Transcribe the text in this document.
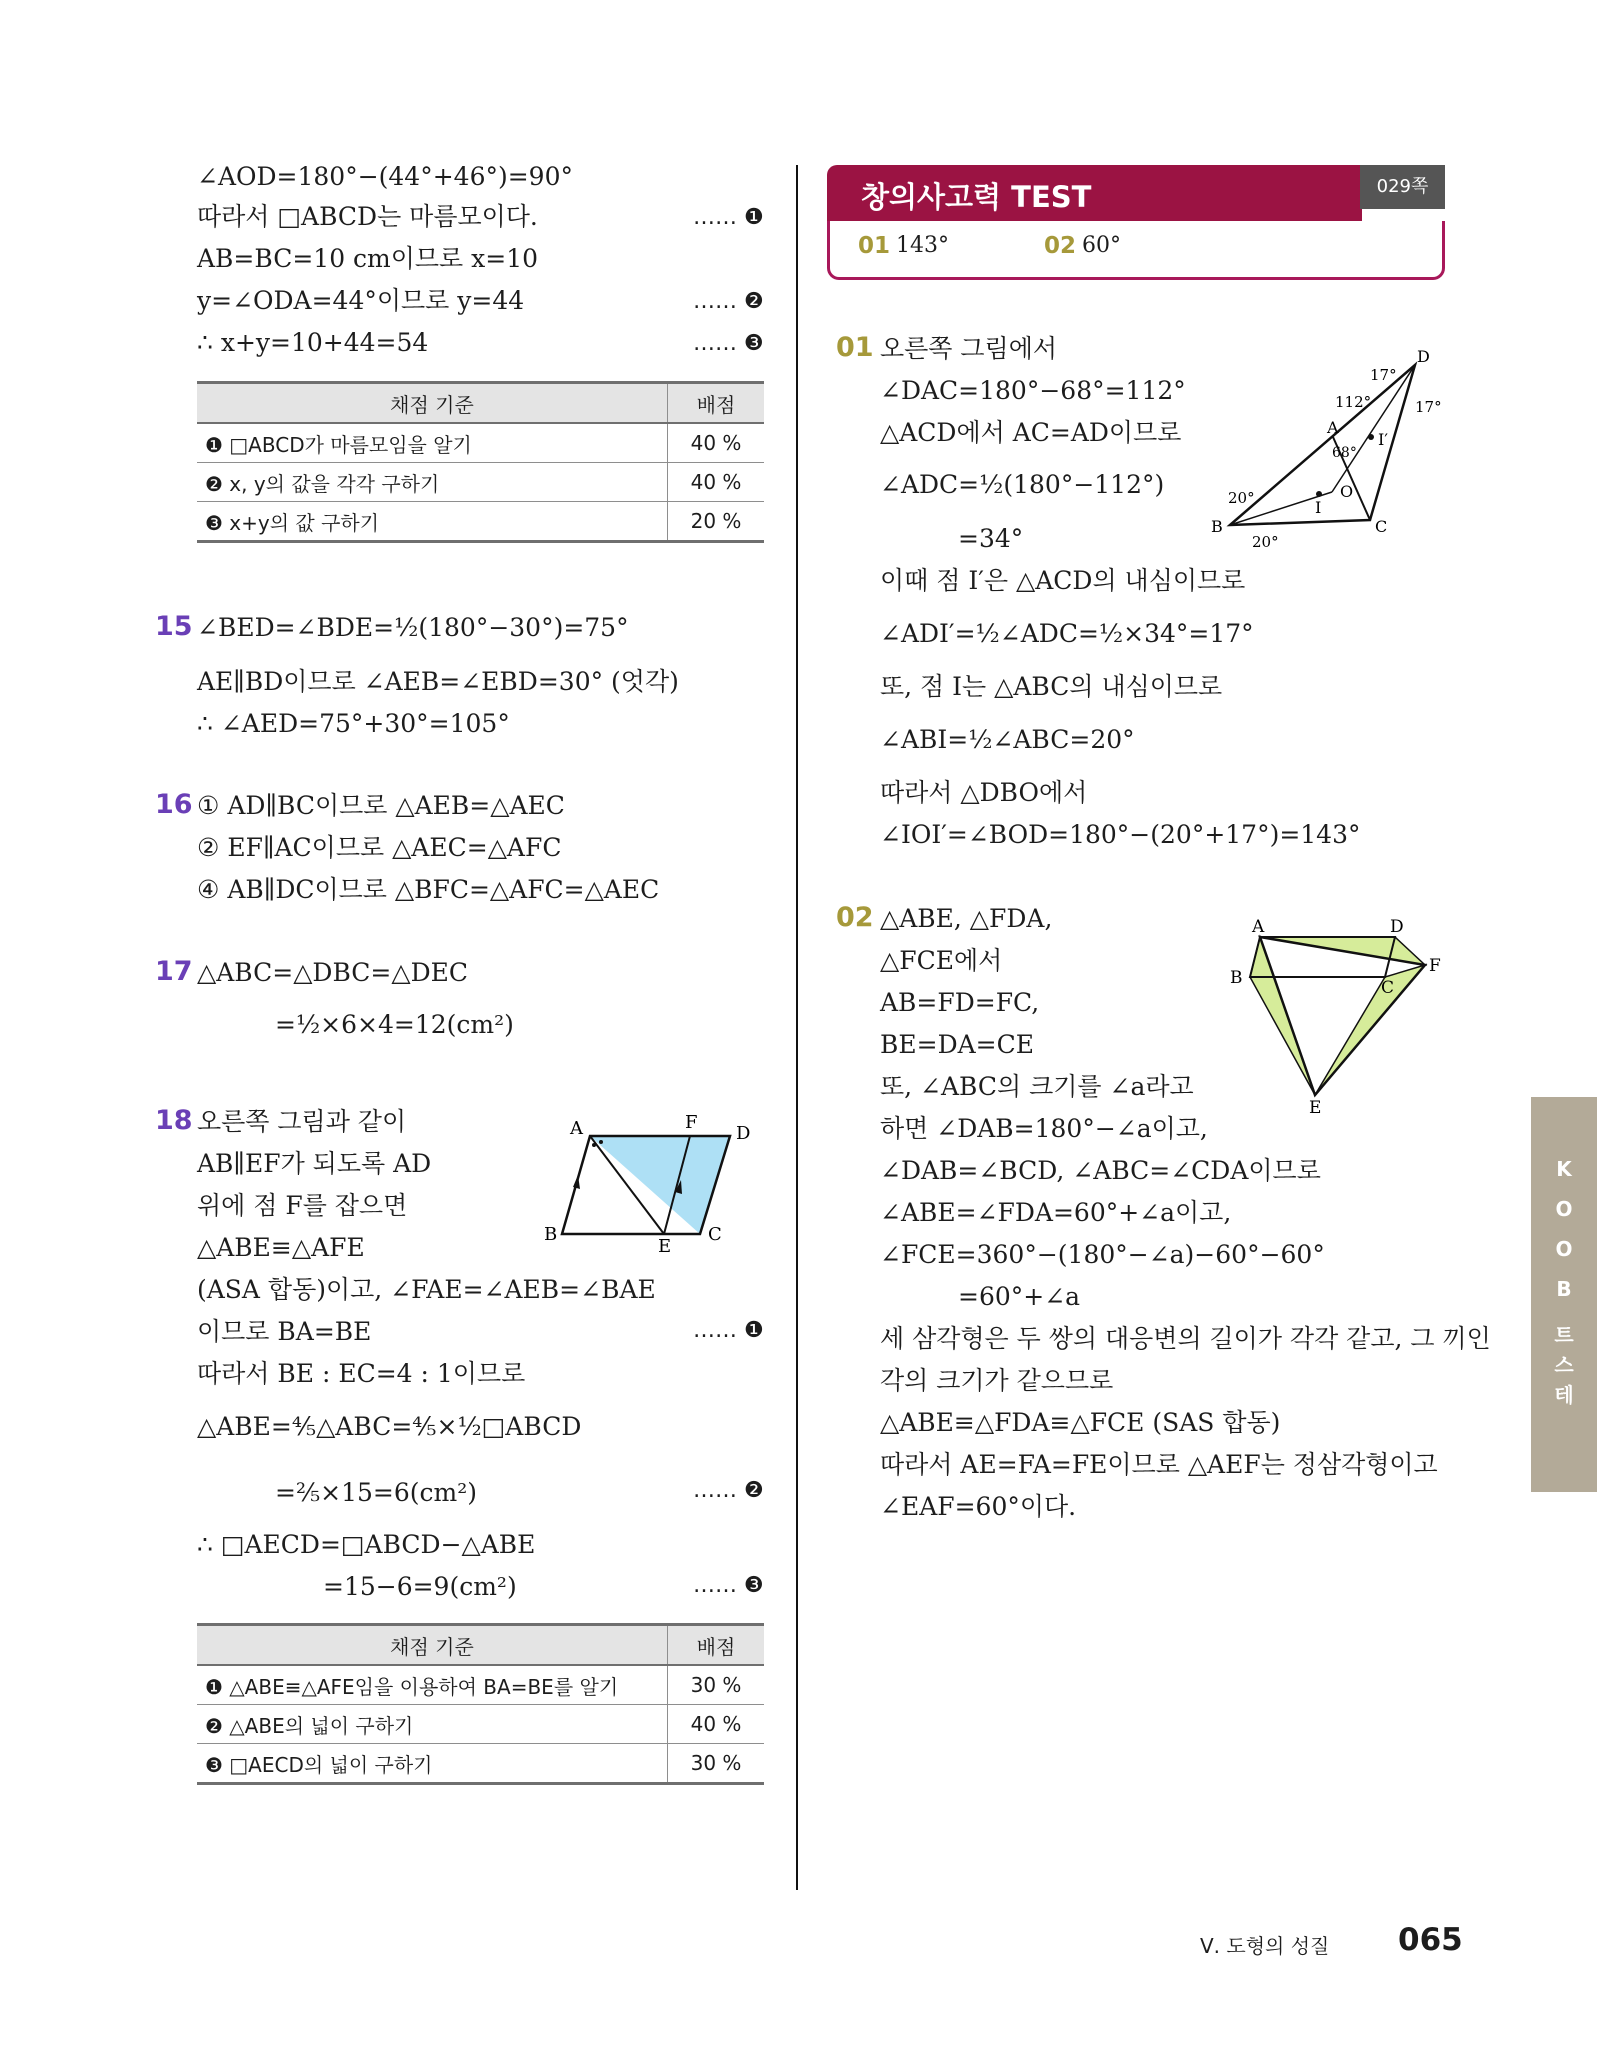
∠AOD=180°−(44°+46°)=90°
따라서 □ABCD는 마름모이다.
AB=BC=10 cm이므로 x=10
y=∠ODA=44°이므로 y=44
∴ x+y=10+44=54
…… ❶
…… ❷
…… ❸
채점 기준	배점
❶ □ABCD가 마름모임을 알기	40 %
❷ x, y의 값을 각각 구하기	40 %
❸ x+y의 값 구하기	20 %
15 ∠BED=∠BDE=½(180°−30°)=75°
AE∥BD이므로 ∠AEB=∠EBD=30° (엇각)
∴ ∠AED=75°+30°=105°
16 ① AD∥BC이므로 △AEB=△AEC
② EF∥AC이므로 △AEC=△AFC
④ AB∥DC이므로 △BFC=△AFC=△AEC
17 △ABC=△DBC=△DEC
=½×6×4=12(cm²)
18 오른쪽 그림과 같이
AB∥EF가 되도록 AD
위에 점 F를 잡으면
△ABE≡△AFE
(ASA 합동)이고, ∠FAE=∠AEB=∠BAE
이므로 BA=BE
따라서 BE : EC=4 : 1이므로
△ABE=⅘△ABC=⅘×½□ABCD
=⅖×15=6(cm²)
∴ □AECD=□ABCD−△ABE
=15−6=9(cm²)
…… ❶
…… ❷
…… ❸
A	F
D
B
E
C
채점 기준	배점
❶ △ABE≡△AFE임을 이용하여 BA=BE를 알기	30 %
❷ △ABE의 넓이 구하기	40 %
❸ □AECD의 넓이 구하기	30 %
창의사고력 TEST	029쪽
01 143°	02 60°
01 오른쪽 그림에서
∠DAC=180°−68°=112°
△ACD에서 AC=AD이므로
∠ADC=½(180°−112°)
=34°
이때 점 I′은 △ACD의 내심이므로
∠ADI′=½∠ADC=½×34°=17°
또, 점 I는 △ABC의 내심이므로
∠ABI=½∠ABC=20°
따라서 △DBO에서
∠IOI′=∠BOD=180°−(20°+17°)=143°
D
17°
112°	17°
A
68°
I′
O
I
20°
20°
B	C
02 △ABE, △FDA,
△FCE에서
AB=FD=FC,
BE=DA=CE
또, ∠ABC의 크기를 ∠a라고
하면 ∠DAB=180°−∠a이고,
∠DAB=∠BCD, ∠ABC=∠CDA이므로
∠ABE=∠FDA=60°+∠a이고,
∠FCE=360°−(180°−∠a)−60°−60°
=60°+∠a
세 삼각형은 두 쌍의 대응변의 길이가 각각 같고, 그 끼인
각의 크기가 같으므로
△ABE≡△FDA≡△FCE (SAS 합동)
따라서 AE=FA=FE이므로 △AEF는 정삼각형이고
∠EAF=60°이다.
A	D
B	C
F
E
K
O
O
B
트
스
테
Ⅴ. 도형의 성질 065
